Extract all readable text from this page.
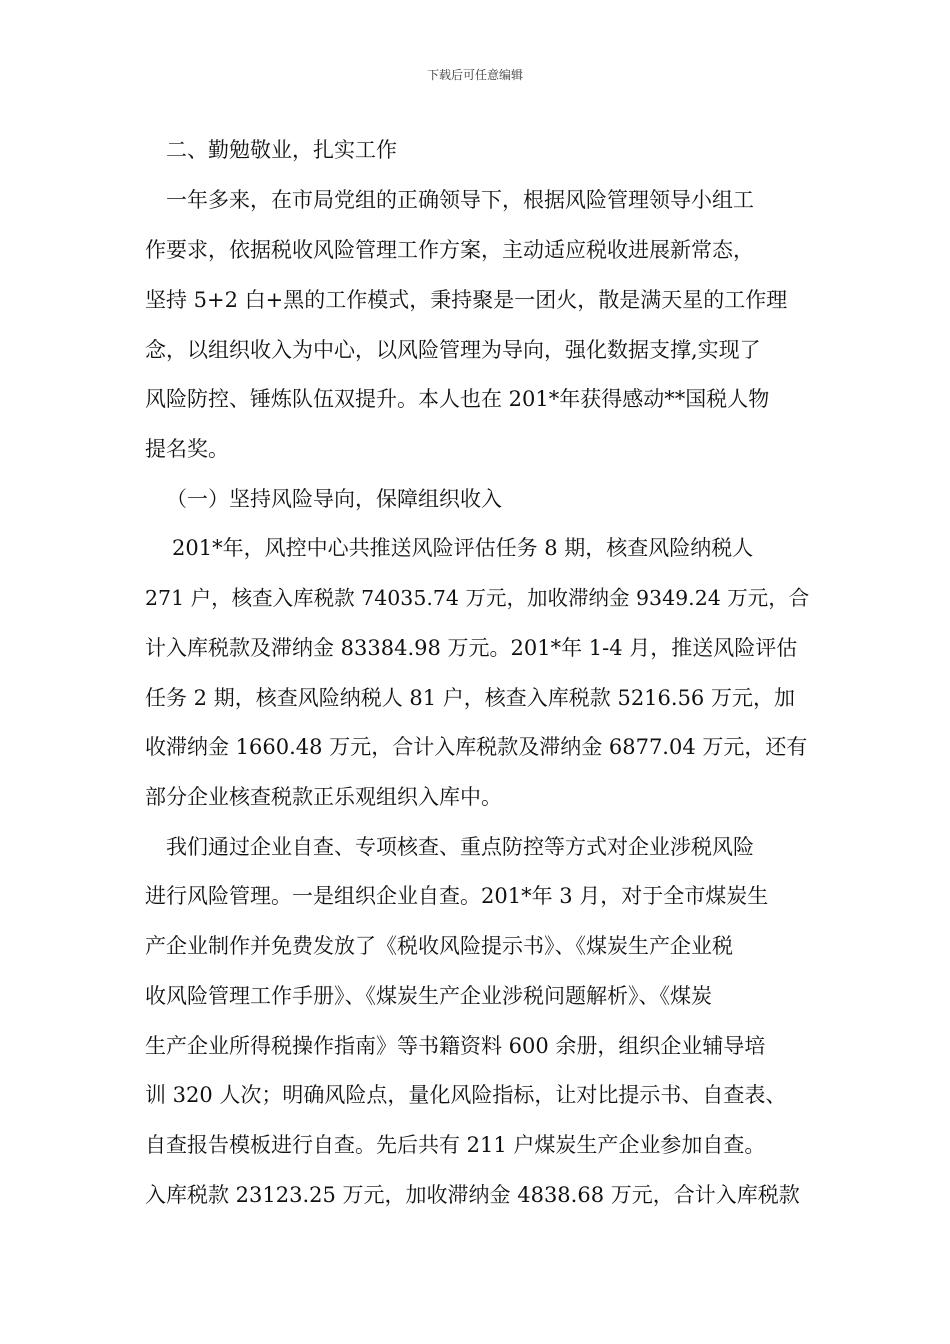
下载后可任意编辑
二、勤勉敬业，扎实工作
一年多来，在市局党组的正确领导下，根据风险管理领导小组工
作要求，依据税收风险管理工作方案，主动适应税收进展新常态，
坚持 5+2 白+黑的工作模式，秉持聚是一团火，散是满天星的工作理
念，以组织收入为中心，以风险管理为导向，强化数据支撑,实现了
风险防控、锤炼队伍双提升。本人也在 201*年获得感动**国税人物
提名奖。
（一）坚持风险导向，保障组织收入
201*年，风控中心共推送风险评估任务 8 期，核查风险纳税人
271 户，核查入库税款 74035.74 万元，加收滞纳金 9349.24 万元，合
计入库税款及滞纳金 83384.98 万元。201*年 1-4 月，推送风险评估
任务 2 期，核查风险纳税人 81 户，核查入库税款 5216.56 万元，加
收滞纳金 1660.48 万元，合计入库税款及滞纳金 6877.04 万元，还有
部分企业核查税款正乐观组织入库中。
我们通过企业自查、专项核查、重点防控等方式对企业涉税风险
进行风险管理。一是组织企业自查。201*年 3 月，对于全市煤炭生
产企业制作并免费发放了《税收风险提示书》、《煤炭生产企业税
收风险管理工作手册》、《煤炭生产企业涉税问题解析》、《煤炭
生产企业所得税操作指南》等书籍资料 600 余册，组织企业辅导培
训 320 人次；明确风险点，量化风险指标，让对比提示书、自查表、
自查报告模板进行自查。先后共有 211 户煤炭生产企业参加自查。
入库税款 23123.25 万元，加收滞纳金 4838.68 万元，合计入库税款
